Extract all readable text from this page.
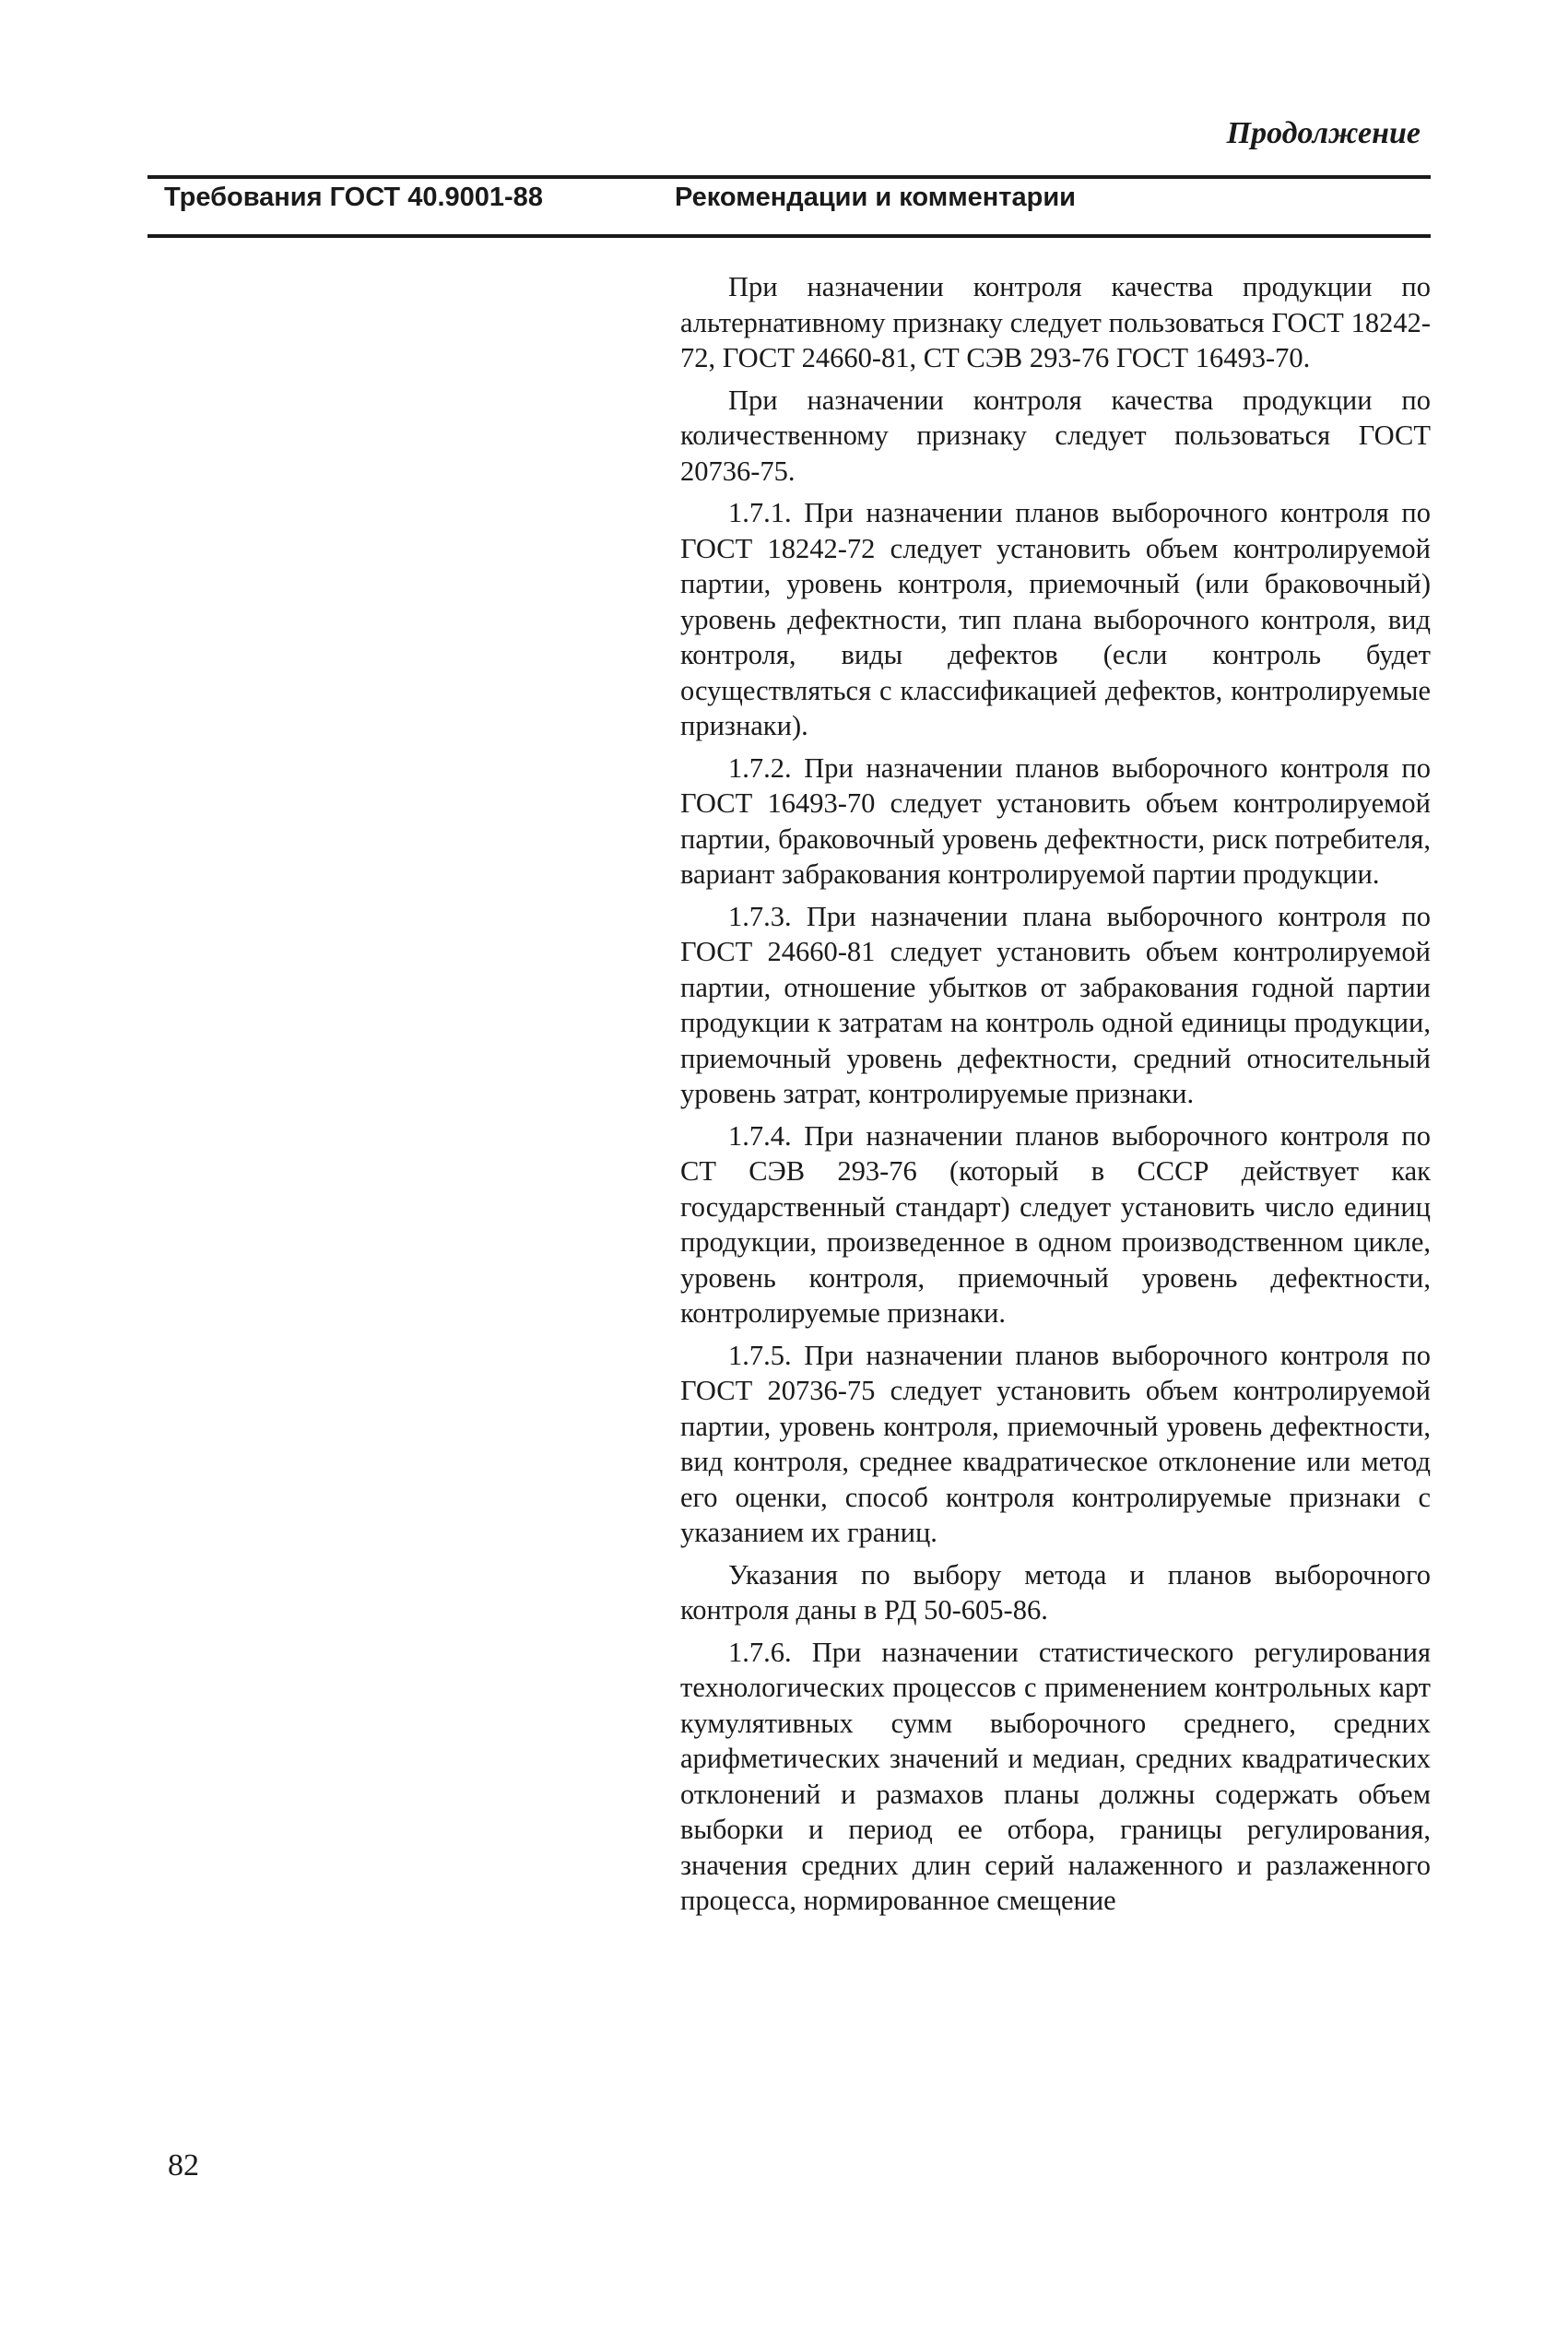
Продолжение
Требования ГОСТ 40.9001-88	Рекомендации и комментарии

При назначении контроля качества продукции по альтернативному признаку следует пользоваться ГОСТ 18242-72, ГОСТ 24660-81, СТ СЭВ 293-76 ГОСТ 16493-70.

При назначении контроля качества продукции по количественному признаку следует пользоваться ГОСТ 20736-75.

1.7.1. При назначении планов выборочного контроля по ГОСТ 18242-72 следует установить объем контролируемой партии, уровень контроля, приемочный (или браковочный) уровень дефектности, тип плана выборочного контроля, вид контроля, виды дефектов (если контроль будет осуществляться с классификацией дефектов, контролируемые признаки).

1.7.2. При назначении планов выборочного контроля по ГОСТ 16493-70 следует установить объем контролируемой партии, браковочный уровень дефектности, риск потребителя, вариант забракования контролируемой партии продукции.

1.7.3. При назначении плана выборочного контроля по ГОСТ 24660-81 следует установить объем контролируемой партии, отношение убытков от забракования годной партии продукции к затратам на контроль одной единицы продукции, приемочный уровень дефектности, средний относительный уровень затрат, контролируемые признаки.

1.7.4. При назначении планов выборочного контроля по СТ СЭВ 293-76 (который в СССР действует как государственный стандарт) следует установить число единиц продукции, произведенное в одном производственном цикле, уровень контроля, приемочный уровень дефектности, контролируемые признаки.

1.7.5. При назначении планов выборочного контроля по ГОСТ 20736-75 следует установить объем контролируемой партии, уровень контроля, приемочный уровень дефектности, вид контроля, среднее квадратическое отклонение или метод его оценки, способ контроля контролируемые признаки с указанием их границ.

Указания по выбору метода и планов выборочного контроля даны в РД 50-605-86.

1.7.6. При назначении статистического регулирования технологических процессов с применением контрольных карт кумулятивных сумм выборочного среднего, средних арифметических значений и медиан, средних квадратических отклонений и размахов планы должны содержать объем выборки и период ее отбора, границы регулирования, значения средних длин серий налаженного и разлаженного процесса, нормированное смещение

82
